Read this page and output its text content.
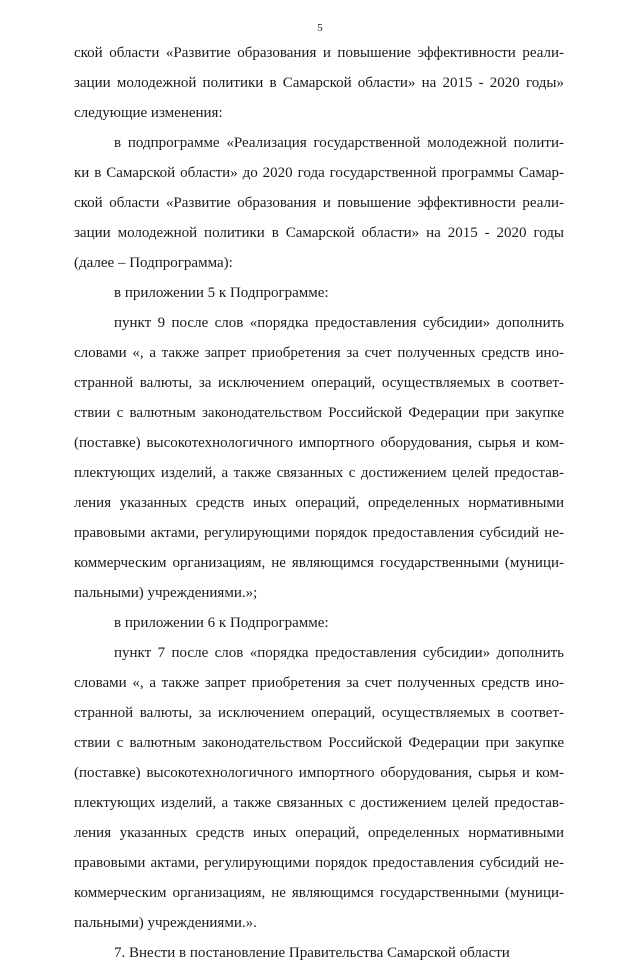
5

ской области «Развитие образования и повышение эффективности реали-
зации молодежной политики в Самарской области» на 2015 - 2020 годы»
следующие изменения:

в подпрограмме «Реализация государственной молодежной полити-
ки в Самарской области» до 2020 года государственной программы Самар-
ской области «Развитие образования и повышение эффективности реали-
зации молодежной политики в Самарской области» на 2015 - 2020 годы
(далее – Подпрограмма):

в приложении 5 к Подпрограмме:

пункт 9 после слов «порядка предоставления субсидии» дополнить
словами «, а также запрет приобретения за счет полученных средств ино-
странной валюты, за исключением операций, осуществляемых в соответ-
ствии с валютным законодательством Российской Федерации при закупке
(поставке) высокотехнологичного импортного оборудования, сырья и ком-
плектующих изделий, а также связанных с достижением целей предостав-
ления указанных средств иных операций, определенных нормативными
правовыми актами, регулирующими порядок предоставления субсидий не-
коммерческим организациям, не являющимся государственными (муници-
пальными) учреждениями.»;

в приложении 6 к Подпрограмме:

пункт 7 после слов «порядка предоставления субсидии» дополнить
словами «, а также запрет приобретения за счет полученных средств ино-
странной валюты, за исключением операций, осуществляемых в соответ-
ствии с валютным законодательством Российской Федерации при закупке
(поставке) высокотехнологичного импортного оборудования, сырья и ком-
плектующих изделий, а также связанных с достижением целей предостав-
ления указанных средств иных операций, определенных нормативными
правовыми актами, регулирующими порядок предоставления субсидий не-
коммерческим организациям, не являющимся государственными (муници-
пальными) учреждениями.».

7. Внести в постановление Правительства Самарской области
